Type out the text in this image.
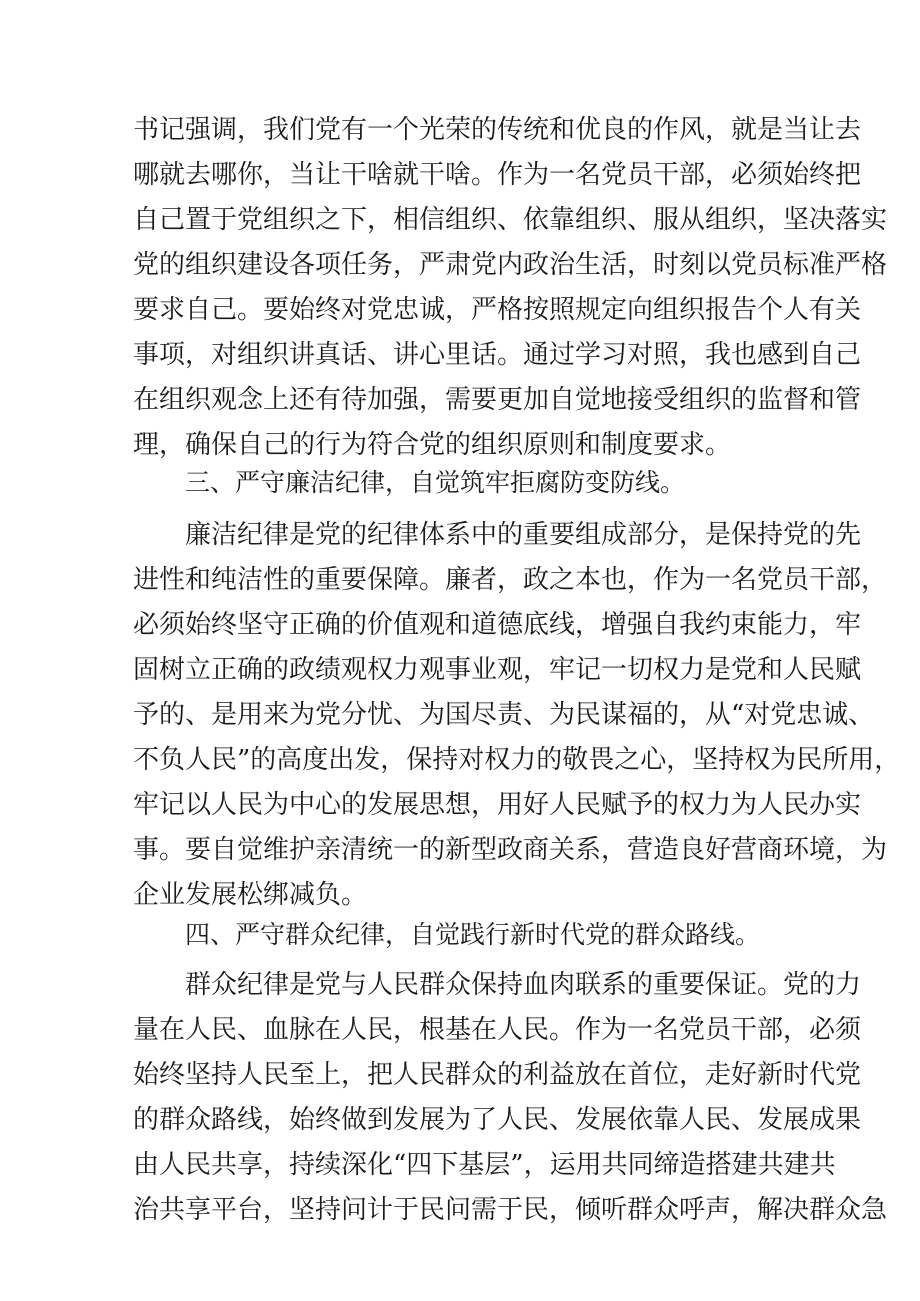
书记强调，我们党有一个光荣的传统和优良的作风，就是当让去
哪就去哪你，当让干啥就干啥。作为一名党员干部，必须始终把
自己置于党组织之下，相信组织、依靠组织、服从组织，坚决落实
党的组织建设各项任务，严肃党内政治生活，时刻以党员标准严格
要求自己。要始终对党忠诚，严格按照规定向组织报告个人有关
事项，对组织讲真话、讲心里话。通过学习对照，我也感到自己
在组织观念上还有待加强，需要更加自觉地接受组织的监督和管
理，确保自己的行为符合党的组织原则和制度要求。
三、严守廉洁纪律，自觉筑牢拒腐防变防线。
廉洁纪律是党的纪律体系中的重要组成部分，是保持党的先
进性和纯洁性的重要保障。廉者，政之本也，作为一名党员干部，
必须始终坚守正确的价值观和道德底线，增强自我约束能力，牢
固树立正确的政绩观权力观事业观，牢记一切权力是党和人民赋
予的、是用来为党分忧、为国尽责、为民谋福的，从“对党忠诚、
不负人民”的高度出发，保持对权力的敬畏之心，坚持权为民所用，
牢记以人民为中心的发展思想，用好人民赋予的权力为人民办实
事。要自觉维护亲清统一的新型政商关系，营造良好营商环境，为
企业发展松绑减负。
四、严守群众纪律，自觉践行新时代党的群众路线。
群众纪律是党与人民群众保持血肉联系的重要保证。党的力
量在人民、血脉在人民，根基在人民。作为一名党员干部，必须
始终坚持人民至上，把人民群众的利益放在首位，走好新时代党
的群众路线，始终做到发展为了人民、发展依靠人民、发展成果
由人民共享，持续深化“四下基层”，运用共同缔造搭建共建共
治共享平台，坚持问计于民问需于民，倾听群众呼声，解决群众急
